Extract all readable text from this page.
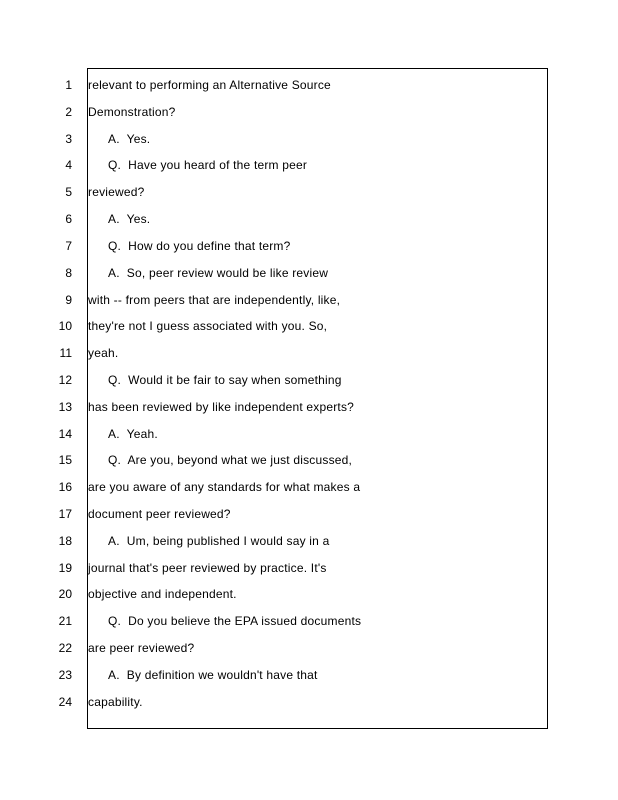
1 relevant to performing an Alternative Source
2 Demonstration?
3	A.  Yes.
4	Q.  Have you heard of the term peer
5 reviewed?
6	A.  Yes.
7	Q.  How do you define that term?
8	A.  So, peer review would be like review
9 with -- from peers that are independently, like,
10 they're not I guess associated with you. So,
11 yeah.
12	Q.  Would it be fair to say when something
13 has been reviewed by like independent experts?
14	A.  Yeah.
15	Q.  Are you, beyond what we just discussed,
16 are you aware of any standards for what makes a
17 document peer reviewed?
18	A.  Um, being published I would say in a
19 journal that's peer reviewed by practice. It's
20 objective and independent.
21	Q.  Do you believe the EPA issued documents
22 are peer reviewed?
23	A.  By definition we wouldn't have that
24 capability.
